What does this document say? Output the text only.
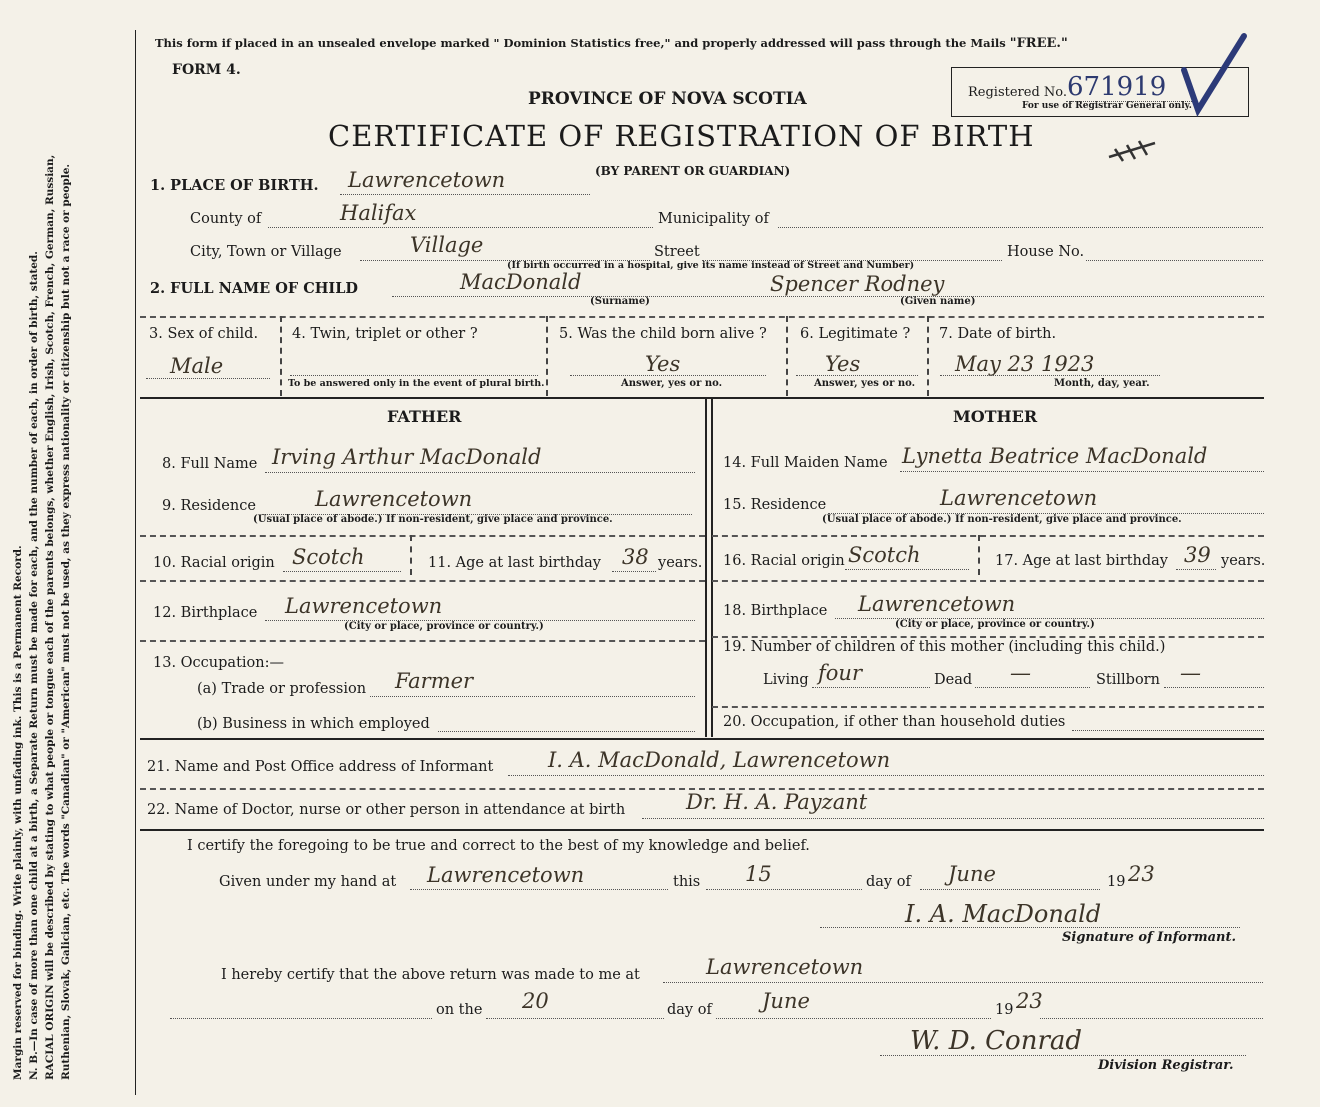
Margin reserved for binding. Write plainly, with unfading ink. This is a Permanent Record. N. B.—In case of more than one child at a birth, a Separate Return must be made for each, and the number of each, in order of birth, stated. RACIAL ORIGIN will be described by stating to what people or tongue each of the parents belongs, whether English, Irish, Scotch, French, German, Russian, Ruthenian, Slovak, Galician, etc. The words "Canadian" or "American" must not be used, as they express nationality or citizenship but not a race or people.
This form if placed in an unsealed envelope marked " Dominion Statistics free," and properly addressed will pass through the Mails "FREE."
FORM 4.
PROVINCE OF NOVA SCOTIA
CERTIFICATE OF REGISTRATION OF BIRTH
(BY PARENT OR GUARDIAN)
Registered No. 671919
For use of Registrar General only.
1. PLACE OF BIRTH. Lawrencetown
County of	Halifax	Municipality of
City, Town or Village	Village	Street	House No.
(If birth occurred in a hospital, give its name instead of Street and Number)
2. FULL NAME OF CHILD	MacDonald	Spencer Rodney
(Surname)	(Given name)
3. Sex of child.
Male
4. Twin, triplet or other ?
To be answered only in the event of plural birth.
5. Was the child born alive ?
Yes
Answer, yes or no.
6. Legitimate ?
Yes
Answer, yes or no.
7. Date of birth.
May 23 1923
Month, day, year.
FATHER	MOTHER
8. Full Name Irving Arthur MacDonald
9. Residence	Lawrencetown
(Usual place of abode.) If non-resident, give place and province.
10. Racial origin Scotch	11. Age at last birthday 38 years.
12. Birthplace Lawrencetown
(City or place, province or country.)
13. Occupation:—
(a) Trade or profession Farmer
(b) Business in which employed
14. Full Maiden Name Lynetta Beatrice MacDonald
15. Residence	Lawrencetown
(Usual place of abode.) If non-resident, give place and province.
16. Racial origin Scotch	17. Age at last birthday 39 years.
18. Birthplace Lawrencetown
(City or place, province or country.)
19. Number of children of this mother (including this child.)
Living four	Dead —	Stillborn —
20. Occupation, if other than household duties
21. Name and Post Office address of Informant	I. A. MacDonald, Lawrencetown
22. Name of Doctor, nurse or other person in attendance at birth	Dr. H. A. Payzant
I certify the foregoing to be true and correct to the best of my knowledge and belief.
Given under my hand at Lawrencetown	this 15	day of June	19 23
I. A. MacDonald
Signature of Informant.
I hereby certify that the above return was made to me at	Lawrencetown
on the 20	day of June	19 23
W. D. Conrad
Division Registrar.
